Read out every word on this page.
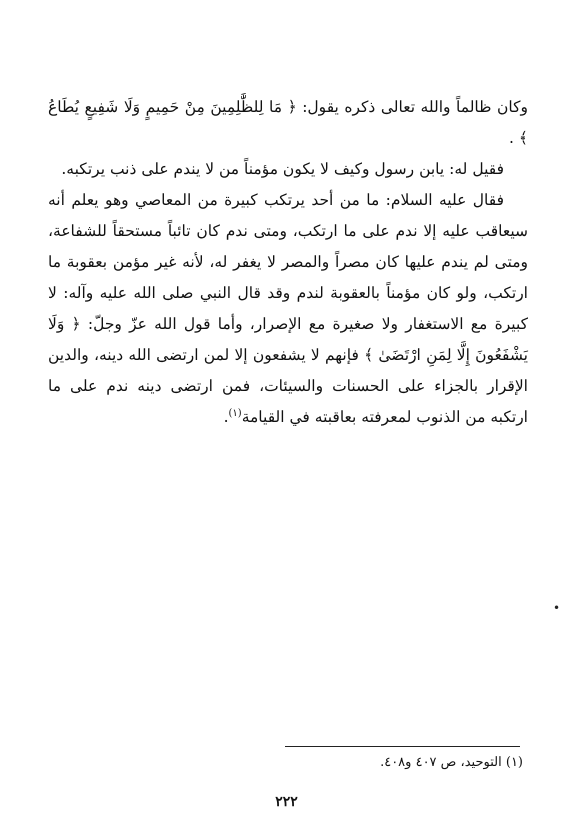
وكان ظالماً والله تعالى ذكره يقول: ﴿ مَا لِلظَّٰلِمِينَ مِنْ حَمِيمٍ وَلَا شَفِيعٍ يُطَاعُ ﴾ .

فقيل له: يابن رسول وكيف لا يكون مؤمناً من لا يندم على ذنب يرتكبه.

فقال عليه السلام: ما من أحد يرتكب كبيرة من المعاصي وهو يعلم أنه سيعاقب عليه إلا ندم على ما ارتكب، ومتى ندم كان تائباً مستحقاً للشفاعة، ومتى لم يندم عليها كان مصراً والمصر لا يغفر له، لأنه غير مؤمن بعقوبة ما ارتكب، ولو كان مؤمناً بالعقوبة لندم وقد قال النبي صلى الله عليه وآله: لا كبيرة مع الاستغفار ولا صغيرة مع الإصرار، وأما قول الله عزّ وجلّ: ﴿ وَلَا يَشْفَعُونَ إِلَّا لِمَنِ ارْتَضَىٰ ﴾ فإنهم لا يشفعون إلا لمن ارتضى الله دينه، والدين الإقرار بالجزاء على الحسنات والسيئات، فمن ارتضى دينه ندم على ما ارتكبه من الذنوب لمعرفته بعاقبته في القيامة$^{(١)}$.

•
(١) التوحيد، ص ٤٠٧ و٤٠٨.
٢٢٢
